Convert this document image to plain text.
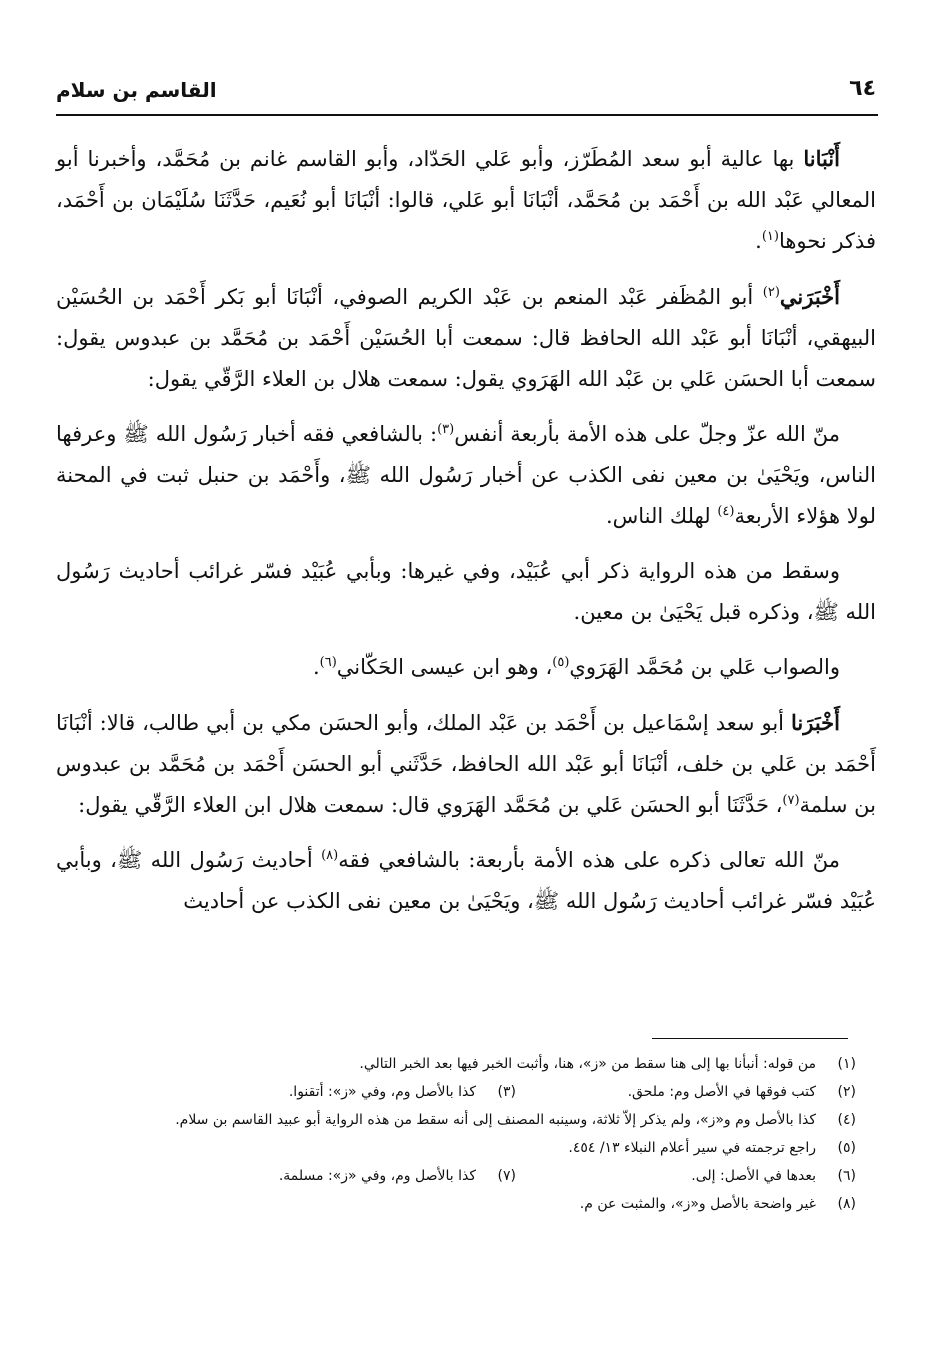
٦٤
القاسم بن سلام

أَنْبَانا بها عالية أبو سعد المُطَرّز، وأبو عَلي الحَدّاد، وأبو القاسم غانم بن مُحَمَّد، وأخبرنا أبو المعالي عَبْد الله بن أَحْمَد بن مُحَمَّد، أنْبَانَا أبو عَلي، قالوا: أنْبَانَا أبو نُعَيم، حَدَّثَنَا سُلَيْمَان بن أَحْمَد، فذكر نحوها$^{(١)}$.

أَخْبَرَني$^{(٢)}$ أبو المُظَفر عَبْد المنعم بن عَبْد الكريم الصوفي، أنْبَانَا أبو بَكر أَحْمَد بن الحُسَيْن البيهقي، أنْبَانَا أبو عَبْد الله الحافظ قال: سمعت أبا الحُسَيْن أَحْمَد بن مُحَمَّد بن عبدوس يقول: سمعت أبا الحسَن عَلي بن عَبْد الله الهَرَوي يقول: سمعت هلال بن العلاء الرَّقّي يقول:

منّ الله عزّ وجلّ على هذه الأمة بأربعة أنفس$^{(٣)}$: بالشافعي فقه أخبار رَسُول الله ﷺ وعرفها الناس، ويَحْيَىٰ بن معين نفى الكذب عن أخبار رَسُول الله ﷺ، وأَحْمَد بن حنبل ثبت في المحنة لولا هؤلاء الأربعة$^{(٤)}$ لهلك الناس.

وسقط من هذه الرواية ذكر أبي عُبَيْد، وفي غيرها: وبأبي عُبَيْد فسّر غرائب أحاديث رَسُول الله ﷺ، وذكره قبل يَحْيَىٰ بن معين.

والصواب عَلي بن مُحَمَّد الهَرَوي$^{(٥)}$، وهو ابن عيسى الحَكّاني$^{(٦)}$.

أَخْبَرَنا أبو سعد إسْمَاعيل بن أَحْمَد بن عَبْد الملك، وأبو الحسَن مكي بن أبي طالب، قالا: أنْبَانَا أَحْمَد بن عَلي بن خلف، أنْبَانَا أبو عَبْد الله الحافظ، حَدَّثَني أبو الحسَن أَحْمَد بن مُحَمَّد بن عبدوس بن سلمة$^{(٧)}$، حَدَّثَنَا أبو الحسَن عَلي بن مُحَمَّد الهَرَوي قال: سمعت هلال ابن العلاء الرَّقّي يقول:

منّ الله تعالى ذكره على هذه الأمة بأربعة: بالشافعي فقه$^{(٨)}$ أحاديث رَسُول الله ﷺ، وبأبي عُبَيْد فسّر غرائب أحاديث رَسُول الله ﷺ، ويَحْيَىٰ بن معين نفى الكذب عن أحاديث

(١)
من قوله: أنبأنا بها إلى هنا سقط من «ز»، هنا، وأثبت الخبر فيها بعد الخبر التالي.
(٢)
كتب فوقها في الأصل وم: ملحق.
(٣)
كذا بالأصل وم، وفي «ز»: أتقنوا.
(٤)
كذا بالأصل وم و«ز»، ولم يذكر إلاّ ثلاثة، وسينبه المصنف إلى أنه سقط من هذه الرواية أبو عبيد القاسم بن سلام.
(٥)
راجع ترجمته في سير أعلام النبلاء ١٣/ ٤٥٤.
(٦)
بعدها في الأصل: إلى.
(٧)
كذا بالأصل وم، وفي «ز»: مسلمة.
(٨)
غير واضحة بالأصل و«ز»، والمثبت عن م.
